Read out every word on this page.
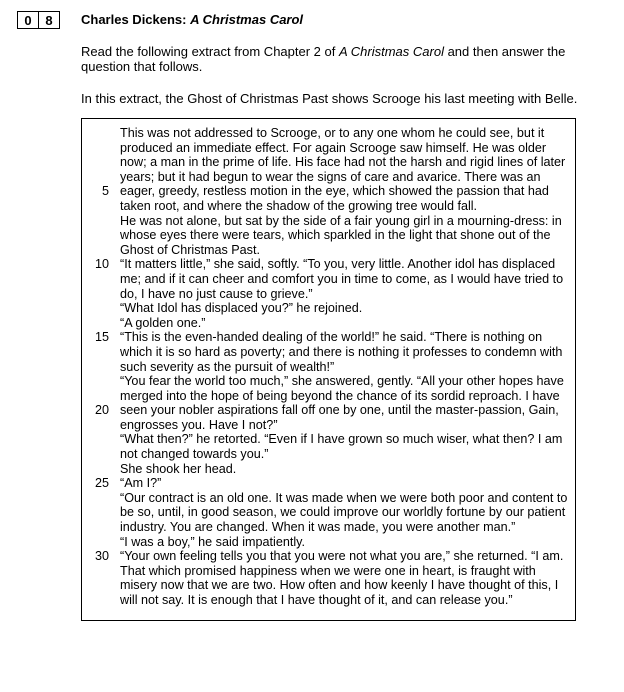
0	8	Charles Dickens: A Christmas Carol
Read the following extract from Chapter 2 of A Christmas Carol and then answer the question that follows.
In this extract, the Ghost of Christmas Past shows Scrooge his last meeting with Belle.
This was not addressed to Scrooge, or to any one whom he could see, but it
produced an immediate effect. For again Scrooge saw himself. He was older
now; a man in the prime of life. His face had not the harsh and rigid lines of later
years; but it had begun to wear the signs of care and avarice. There was an
5 eager, greedy, restless motion in the eye, which showed the passion that had
taken root, and where the shadow of the growing tree would fall.
He was not alone, but sat by the side of a fair young girl in a mourning-dress: in
whose eyes there were tears, which sparkled in the light that shone out of the
Ghost of Christmas Past.
10 “It matters little,” she said, softly. “To you, very little. Another idol has displaced
me; and if it can cheer and comfort you in time to come, as I would have tried to
do, I have no just cause to grieve.”
“What Idol has displaced you?” he rejoined.
“A golden one.”
15 “This is the even-handed dealing of the world!” he said. “There is nothing on
which it is so hard as poverty; and there is nothing it professes to condemn with
such severity as the pursuit of wealth!”
“You fear the world too much,” she answered, gently. “All your other hopes have
merged into the hope of being beyond the chance of its sordid reproach. I have
20 seen your nobler aspirations fall off one by one, until the master-passion, Gain,
engrosses you. Have I not?”
“What then?” he retorted. “Even if I have grown so much wiser, what then? I am
not changed towards you.”
She shook her head.
25 “Am I?”
“Our contract is an old one. It was made when we were both poor and content to
be so, until, in good season, we could improve our worldly fortune by our patient
industry. You are changed. When it was made, you were another man.”
“I was a boy,” he said impatiently.
30 “Your own feeling tells you that you were not what you are,” she returned. “I am.
That which promised happiness when we were one in heart, is fraught with
misery now that we are two. How often and how keenly I have thought of this, I
will not say. It is enough that I have thought of it, and can release you.”
